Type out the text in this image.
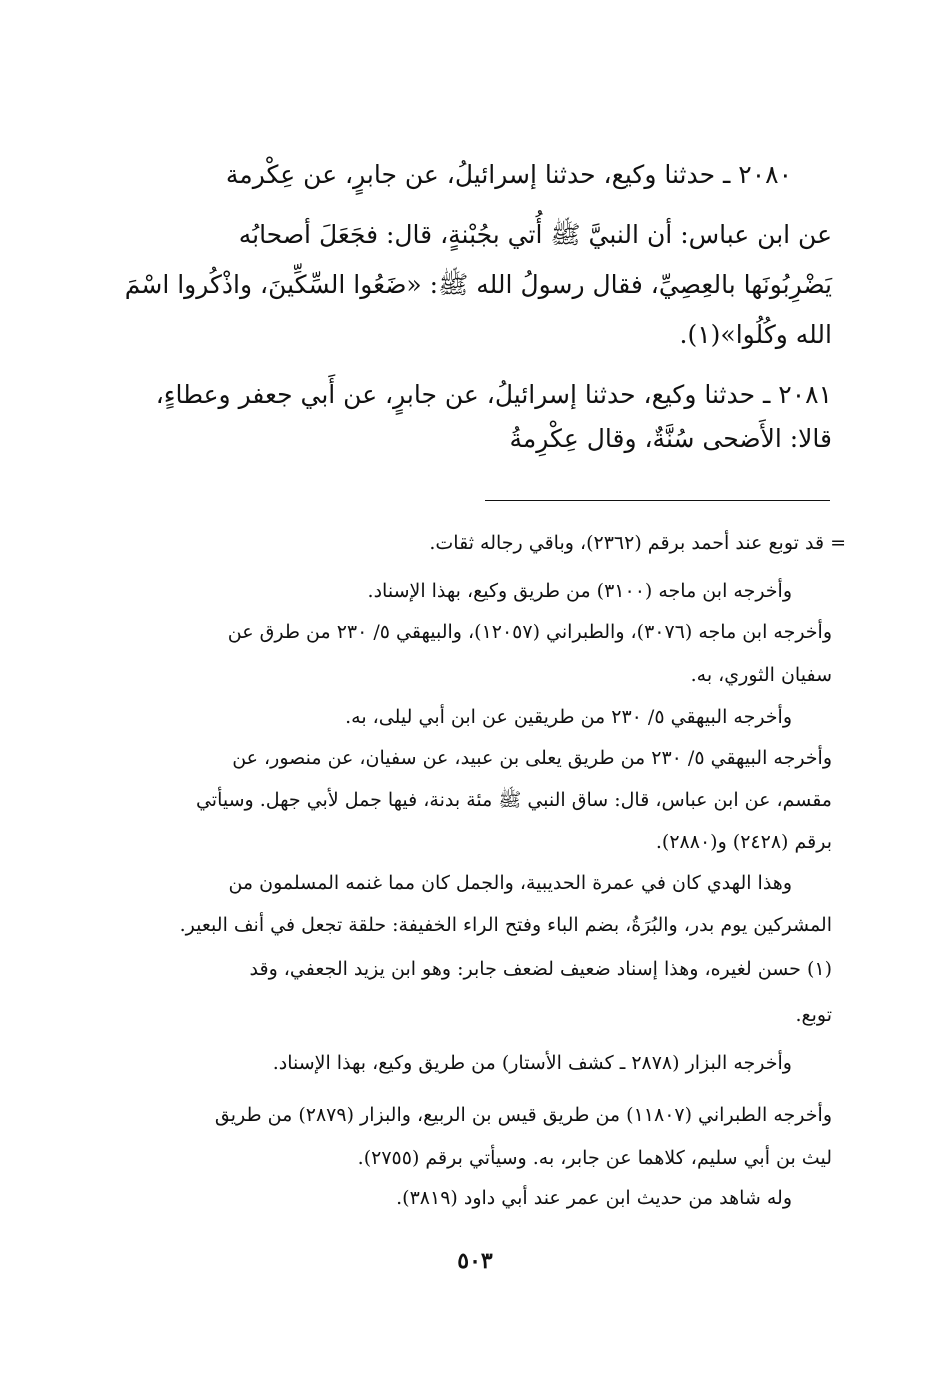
٢٠٨٠ ـ حدثنا وكيع، حدثنا إسرائيلُ، عن جابرٍ، عن عِكْرمة
عن ابن عباس: أن النبيَّ ﷺ أُتي بجُبْنةٍ، قال: فجَعَلَ أصحابُه
يَضْرِبُونَها بالعِصِيِّ، فقال رسولُ الله ﷺ: «ضَعُوا السِّكِّينَ، واذْكُروا اسْمَ
الله وكُلُوا»(١).
٢٠٨١ ـ حدثنا وكيع، حدثنا إسرائيلُ، عن جابرٍ، عن أَبي جعفر وعطاءٍ،
قالا: الأَضحى سُنَّةٌ، وقال عِكْرِمةُ
= قد توبع عند أحمد برقم (٢٣٦٢)، وباقي رجاله ثقات.
وأخرجه ابن ماجه (٣١٠٠) من طريق وكيع، بهذا الإسناد.
وأخرجه ابن ماجه (٣٠٧٦)، والطبراني (١٢٠٥٧)، والبيهقي ٥/ ٢٣٠ من طرق عن
سفيان الثوري، به.
وأخرجه البيهقي ٥/ ٢٣٠ من طريقين عن ابن أبي ليلى، به.
وأخرجه البيهقي ٥/ ٢٣٠ من طريق يعلى بن عبيد، عن سفيان، عن منصور، عن
مقسم، عن ابن عباس، قال: ساق النبي ﷺ مئة بدنة، فيها جمل لأبي جهل. وسيأتي
برقم (٢٤٢٨) و(٢٨٨٠).
وهذا الهدي كان في عمرة الحديبية، والجمل كان مما غنمه المسلمون من
المشركين يوم بدر، والبُرَةُ، بضم الباء وفتح الراء الخفيفة: حلقة تجعل في أنف البعير.
(١) حسن لغيره، وهذا إسناد ضعيف لضعف جابر: وهو ابن يزيد الجعفي، وقد
توبع.
وأخرجه البزار (٢٨٧٨ ـ كشف الأستار) من طريق وكيع، بهذا الإسناد.
وأخرجه الطبراني (١١٨٠٧) من طريق قيس بن الربيع، والبزار (٢٨٧٩) من طريق
ليث بن أبي سليم، كلاهما عن جابر، به. وسيأتي برقم (٢٧٥٥).
وله شاهد من حديث ابن عمر عند أبي داود (٣٨١٩).
٥٠٣
